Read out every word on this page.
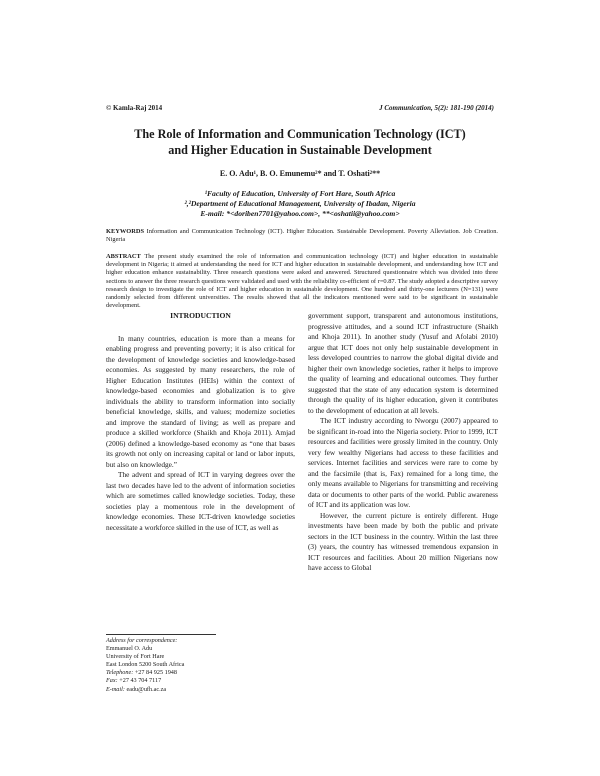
© Kamla-Raj 2014	J Communication, 5(2): 181-190 (2014)
The Role of Information and Communication Technology (ICT)
and Higher Education in Sustainable Development
E. O. Adu¹, B. O. Emunemu²* and T. Oshati²**
¹Faculty of Education, University of Fort Hare, South Africa
²,²Department of Educational Management, University of Ibadan, Nigeria
E-mail: *<doriben7701@yahoo.com>, **<oshatii@yahoo.com>
KEYWORDS Information and Communication Technology (ICT). Higher Education. Sustainable Development. Poverty Alleviation. Job Creation. Nigeria
ABSTRACT The present study examined the role of information and communication technology (ICT) and higher education in sustainable development in Nigeria; it aimed at understanding the need for ICT and higher education in sustainable development, and understanding how ICT and higher education enhance sustainability. Three research questions were asked and answered. Structured questionnaire which was divided into three sections to answer the three research questions were validated and used with the reliability co-efficient of r=0.87. The study adopted a descriptive survey research design to investigate the role of ICT and higher education in sustainable development. One hundred and thirty-one lecturers (N=131) were randomly selected from different universities. The results showed that all the indicators mentioned were said to be significant in sustainable development.
INTRODUCTION

In many countries, education is more than a means for enabling progress and preventing poverty; it is also critical for the development of knowledge societies and knowledge-based economies. As suggested by many researchers, the role of Higher Education Institutes (HEIs) within the context of knowledge-based economies and globalization is to give individuals the ability to transform information into socially beneficial knowledge, skills, and values; modernize societies and improve the standard of living; as well as prepare and produce a skilled workforce (Shaikh and Khoja 2011). Amjad (2006) defined a knowledge-based economy as “one that bases its growth not only on increasing capital or land or labor inputs, but also on knowledge.”

The advent and spread of ICT in varying degrees over the last two decades have led to the advent of information societies which are sometimes called knowledge societies. Today, these societies play a momentous role in the development of knowledge economies. These ICT-driven knowledge societies necessitate a workforce skilled in the use of ICT, as well as

government support, transparent and autonomous institutions, progressive attitudes, and a sound ICT infrastructure (Shaikh and Khoja 2011). In another study (Yusuf and Afolabi 2010) argue that ICT does not only help sustainable development in less developed countries to narrow the global digital divide and higher their own knowledge societies, rather it helps to improve the quality of learning and educational outcomes. They further suggested that the state of any education system is determined through the quality of its higher education, given it contributes to the development of education at all levels.

The ICT industry according to Nworgu (2007) appeared to be significant in-road into the Nigeria society. Prior to 1999, ICT resources and facilities were grossly limited in the country. Only very few wealthy Nigerians had access to these facilities and services. Internet facilities and services were rare to come by and the facsimile (that is, Fax) remained for a long time, the only means available to Nigerians for transmitting and receiving data or documents to other parts of the world. Public awareness of ICT and its application was low.

However, the current picture is entirely different. Huge investments have been made by both the public and private sectors in the ICT business in the country. Within the last three (3) years, the country has witnessed tremendous expansion in ICT resources and facilities. About 20 million Nigerians now have access to Global

Address for correspondence:
Emmanuel O. Adu
University of Fort Hare
East London 5200 South Africa
Telephone: +27 84 925 1948
Fax: +27 43 704 7117
E-mail: eadu@ufh.ac.za
